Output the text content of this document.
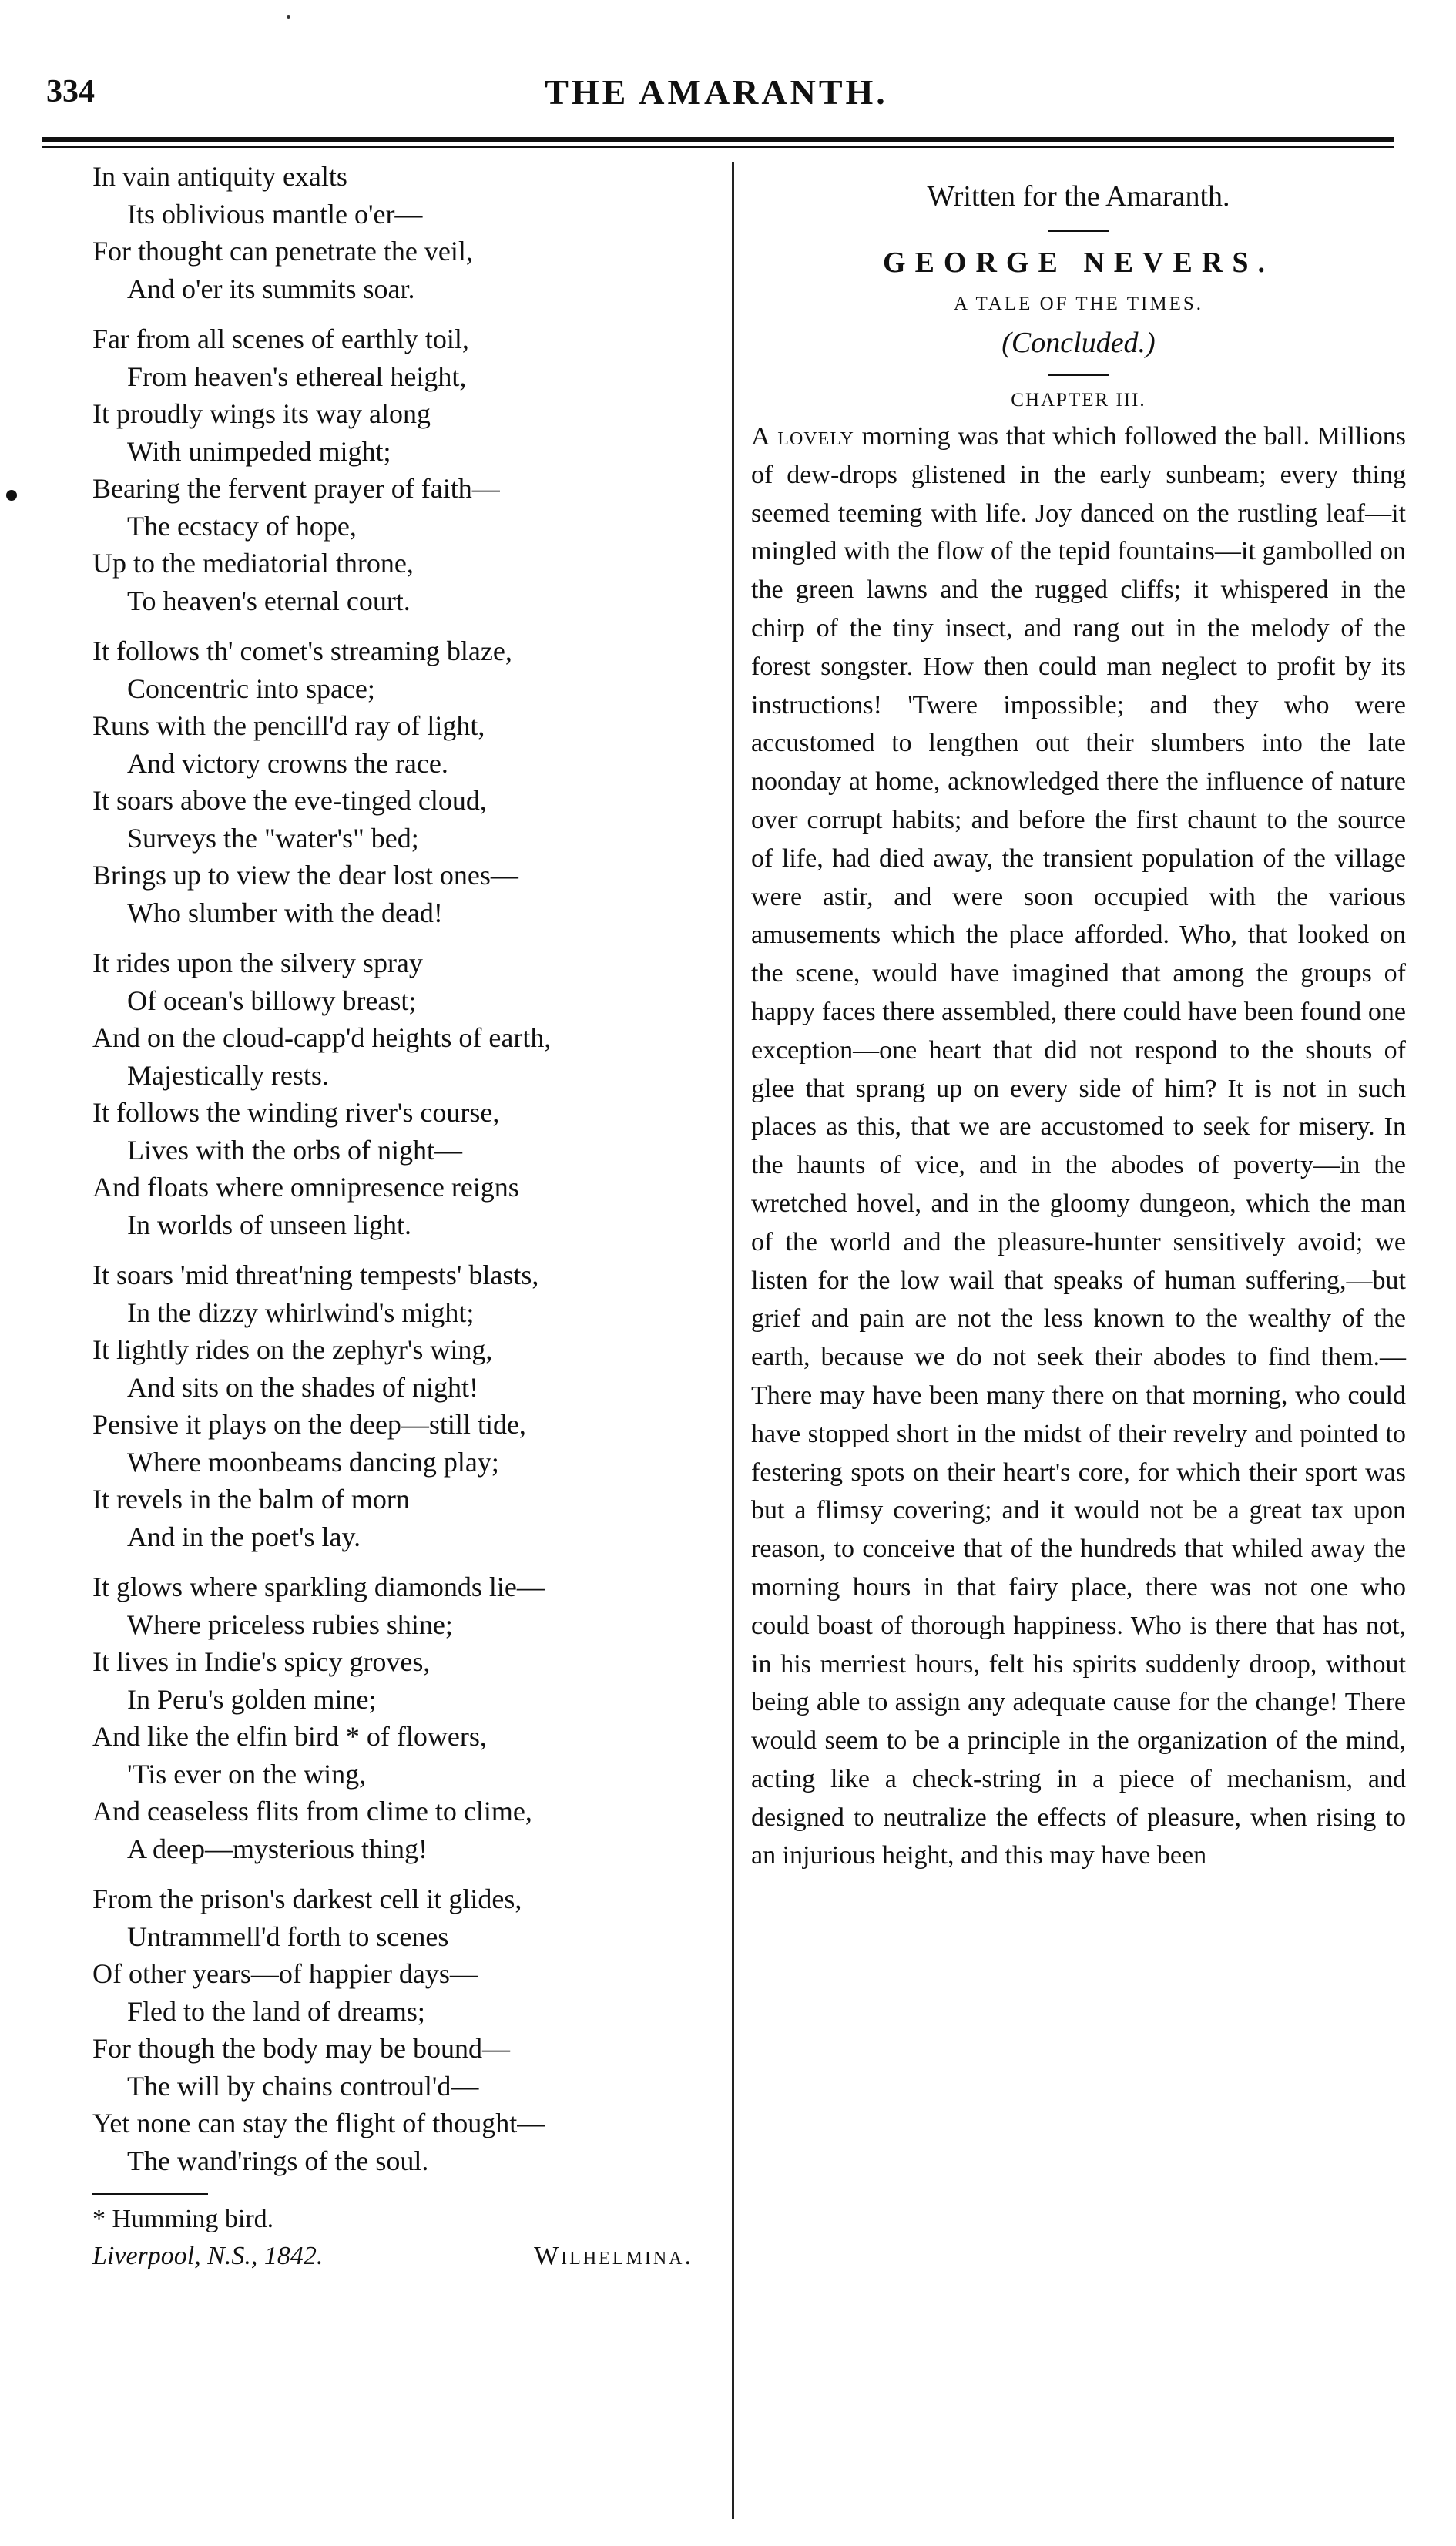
334	THE AMARANTH.
In vain antiquity exalts
Its oblivious mantle o'er—
For thought can penetrate the veil,
And o'er its summits soar.
Far from all scenes of earthly toil,
From heaven's ethereal height,
It proudly wings its way along
With unimpeded might;
Bearing the fervent prayer of faith—
The ecstacy of hope,
Up to the mediatorial throne,
To heaven's eternal court.
It follows th' comet's streaming blaze,
Concentric into space;
Runs with the pencill'd ray of light,
And victory crowns the race.
It soars above the eve-tinged cloud,
Surveys the "water's" bed;
Brings up to view the dear lost ones—
Who slumber with the dead!
It rides upon the silvery spray
Of ocean's billowy breast;
And on the cloud-capp'd heights of earth,
Majestically rests.
It follows the winding river's course,
Lives with the orbs of night—
And floats where omnipresence reigns
In worlds of unseen light.
It soars 'mid threat'ning tempests' blasts,
In the dizzy whirlwind's might;
It lightly rides on the zephyr's wing,
And sits on the shades of night!
Pensive it plays on the deep—still tide,
Where moonbeams dancing play;
It revels in the balm of morn
And in the poet's lay.
It glows where sparkling diamonds lie—
Where priceless rubies shine;
It lives in Indie's spicy groves,
In Peru's golden mine;
And like the elfin bird * of flowers,
'Tis ever on the wing,
And ceaseless flits from clime to clime,
A deep—mysterious thing!
From the prison's darkest cell it glides,
Untrammell'd forth to scenes
Of other years—of happier days—
Fled to the land of dreams;
For though the body may be bound—
The will by chains controul'd—
Yet none can stay the flight of thought—
The wand'rings of the soul.
* Humming bird.
Liverpool, N.S., 1842.	Wilhelmina.
Written for the Amaranth.
GEORGE NEVERS.
A TALE OF THE TIMES.
(Concluded.)
CHAPTER III.
A lovely morning was that which followed the ball. Millions of dew-drops glistened in the early sunbeam; every thing seemed teeming with life. Joy danced on the rustling leaf—it mingled with the flow of the tepid fountains—it gambolled on the green lawns and the rugged cliffs; it whispered in the chirp of the tiny insect, and rang out in the melody of the forest songster. How then could man neglect to profit by its instructions! 'Twere impossible; and they who were accustomed to lengthen out their slumbers into the late noonday at home, acknowledged there the influence of nature over corrupt habits; and before the first chaunt to the source of life, had died away, the transient population of the village were astir, and were soon occupied with the various amusements which the place afforded. Who, that looked on the scene, would have imagined that among the groups of happy faces there assembled, there could have been found one exception—one heart that did not respond to the shouts of glee that sprang up on every side of him? It is not in such places as this, that we are accustomed to seek for misery. In the haunts of vice, and in the abodes of poverty—in the wretched hovel, and in the gloomy dungeon, which the man of the world and the pleasure-hunter sensitively avoid; we listen for the low wail that speaks of human suffering,—but grief and pain are not the less known to the wealthy of the earth, because we do not seek their abodes to find them.—There may have been many there on that morning, who could have stopped short in the midst of their revelry and pointed to festering spots on their heart's core, for which their sport was but a flimsy covering; and it would not be a great tax upon reason, to conceive that of the hundreds that whiled away the morning hours in that fairy place, there was not one who could boast of thorough happiness. Who is there that has not, in his merriest hours, felt his spirits suddenly droop, without being able to assign any adequate cause for the change! There would seem to be a principle in the organization of the mind, acting like a check-string in a piece of mechanism, and designed to neutralize the effects of pleasure, when rising to an injurious height, and this may have been
